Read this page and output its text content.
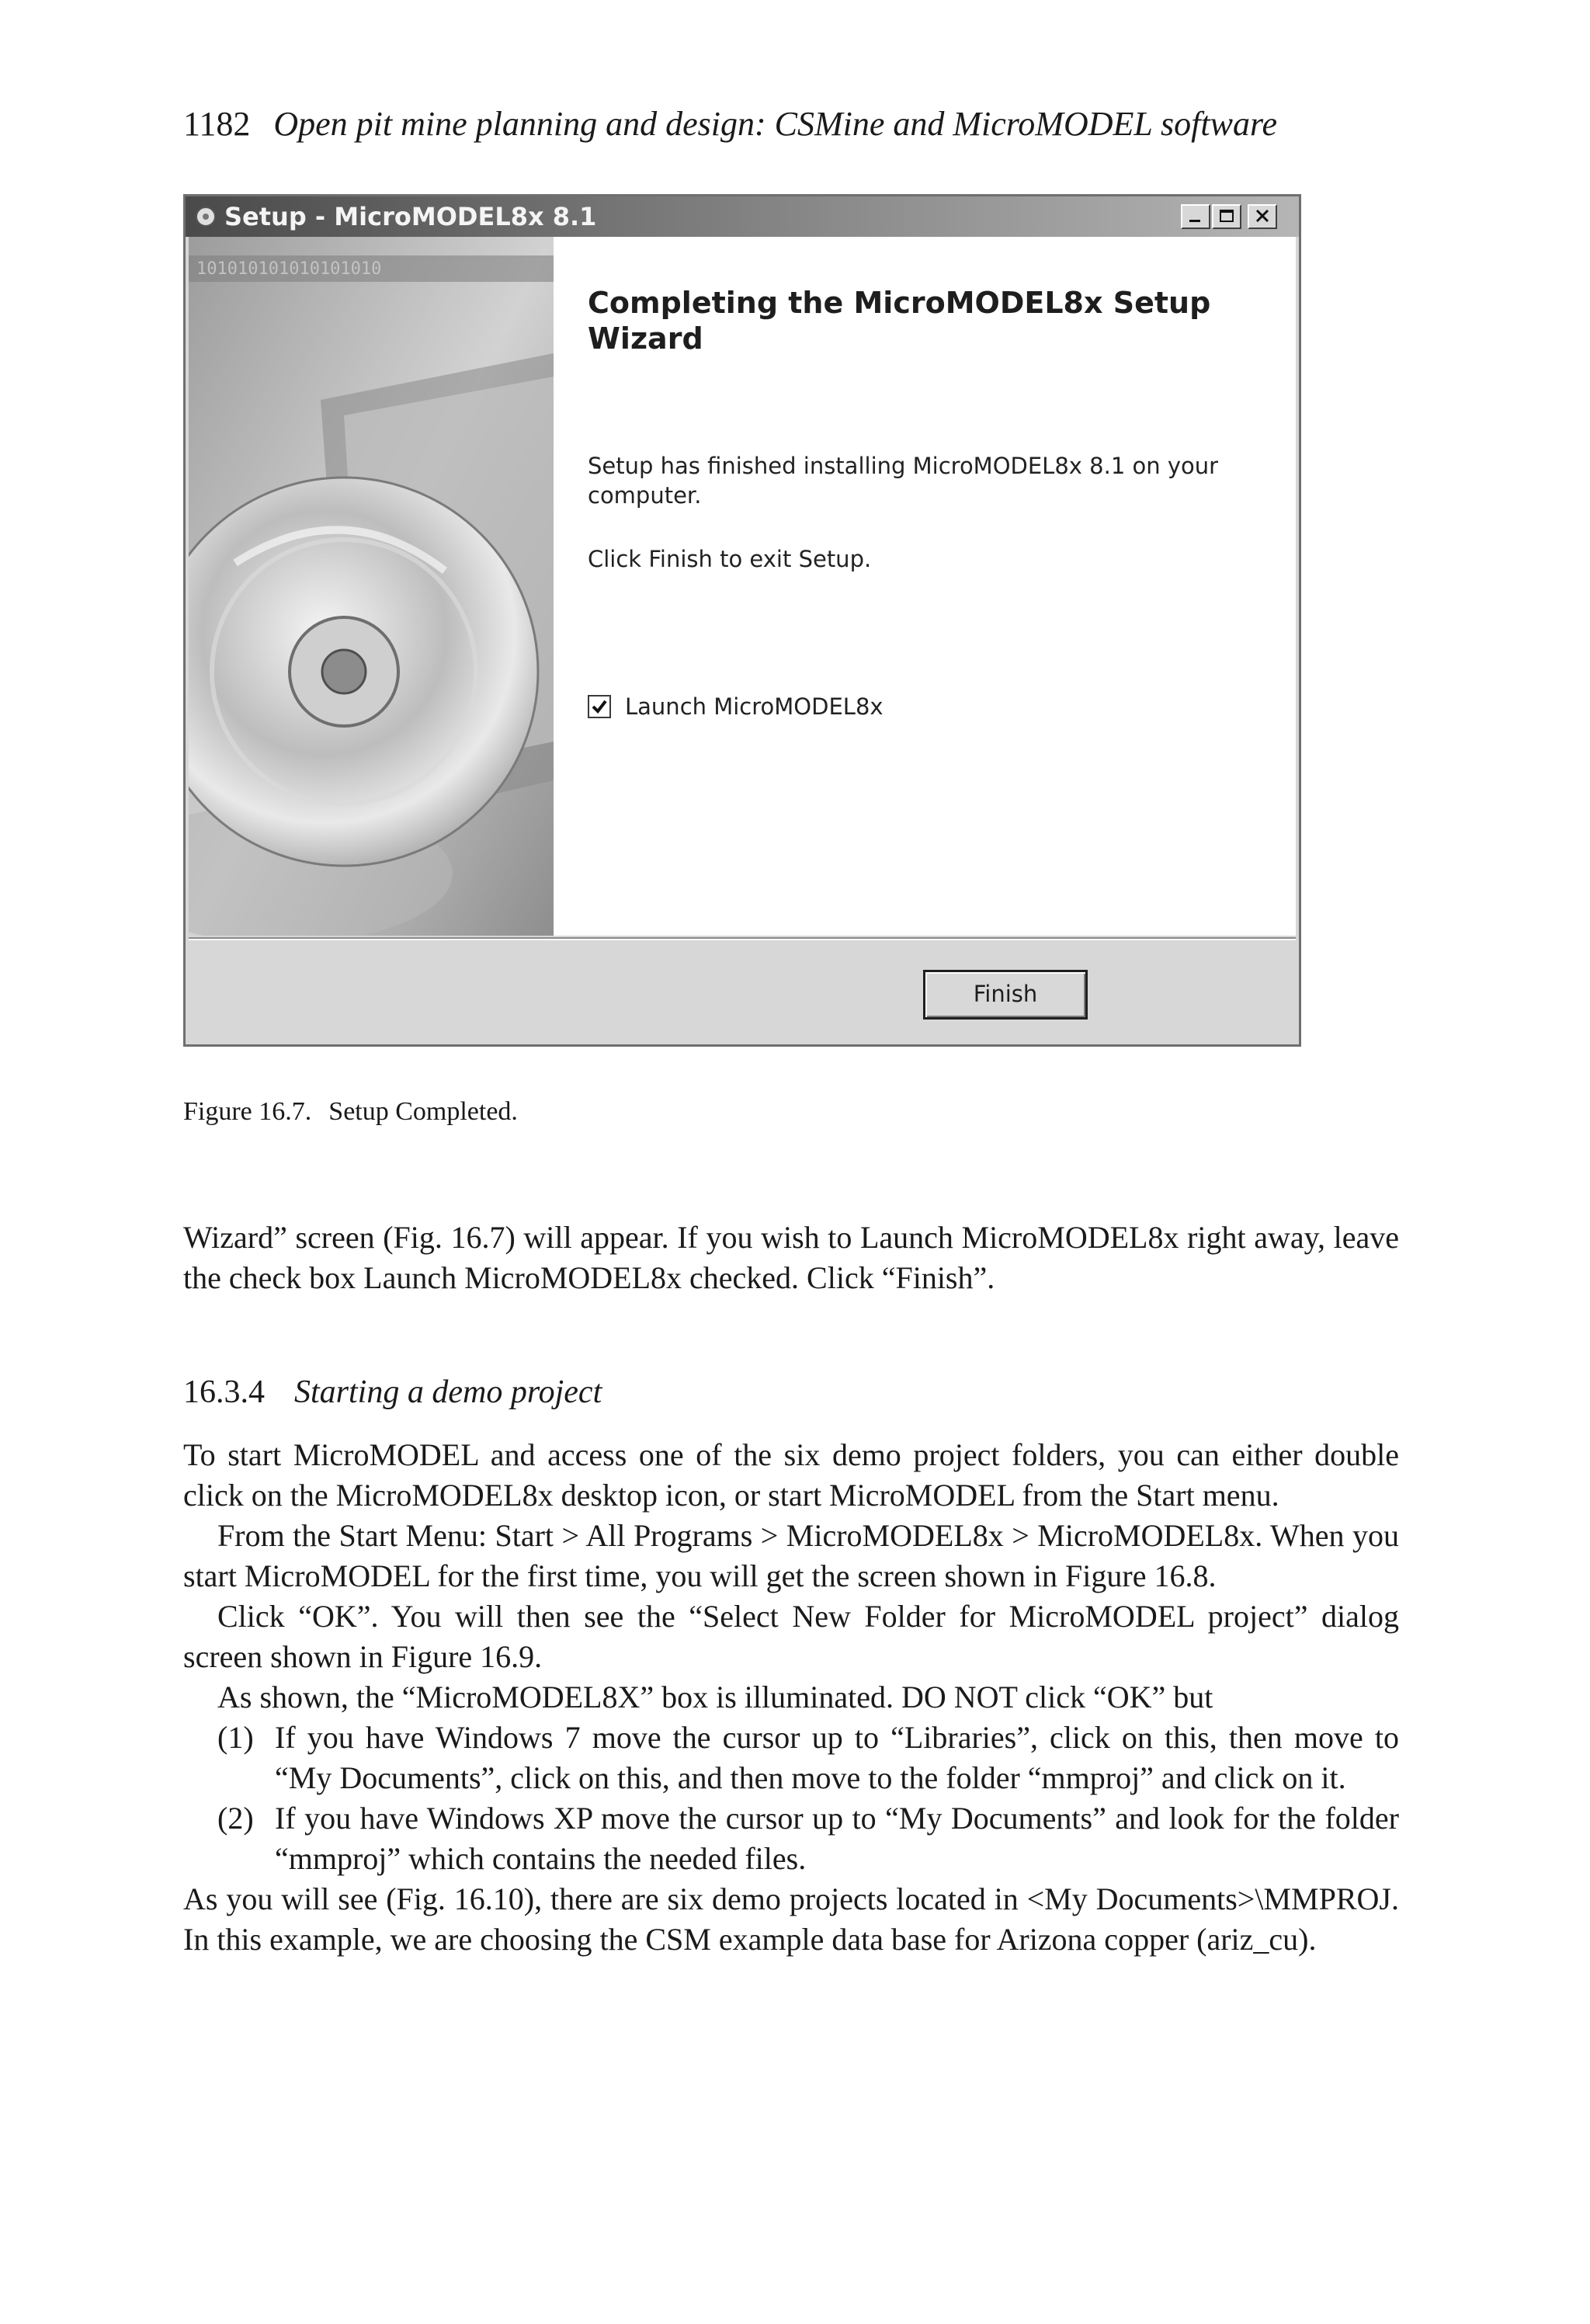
1182 Open pit mine planning and design: CSMine and MicroMODEL software
Setup - MicroMODEL8x 8.1
101010101010101010
Completing the MicroMODEL8x Setup Wizard
Setup has finished installing MicroMODEL8x 8.1 on your computer.
Click Finish to exit Setup.
Launch MicroMODEL8x
Finish
Figure 16.7. Setup Completed.

Wizard” screen (Fig. 16.7) will appear. If you wish to Launch MicroMODEL8x right away, leave the check box Launch MicroMODEL8x checked. Click “Finish”.

16.3.4 Starting a demo project

To start MicroMODEL and access one of the six demo project folders, you can either double click on the MicroMODEL8x desktop icon, or start MicroMODEL from the Start menu.

From the Start Menu: Start > All Programs > MicroMODEL8x > MicroMODEL8x. When you start MicroMODEL for the first time, you will get the screen shown in Figure 16.8.

Click “OK”. You will then see the “Select New Folder for MicroMODEL project” dialog screen shown in Figure 16.9.

As shown, the “MicroMODEL8X” box is illuminated. DO NOT click “OK” but

(1) If you have Windows 7 move the cursor up to “Libraries”, click on this, then move to “My Documents”, click on this, and then move to the folder “mmproj” and click on it.
(2) If you have Windows XP move the cursor up to “My Documents” and look for the folder “mmproj” which contains the needed files.

As you will see (Fig. 16.10), there are six demo projects located in <My Documents>\MMPROJ. In this example, we are choosing the CSM example data base for Arizona copper (ariz_cu).
